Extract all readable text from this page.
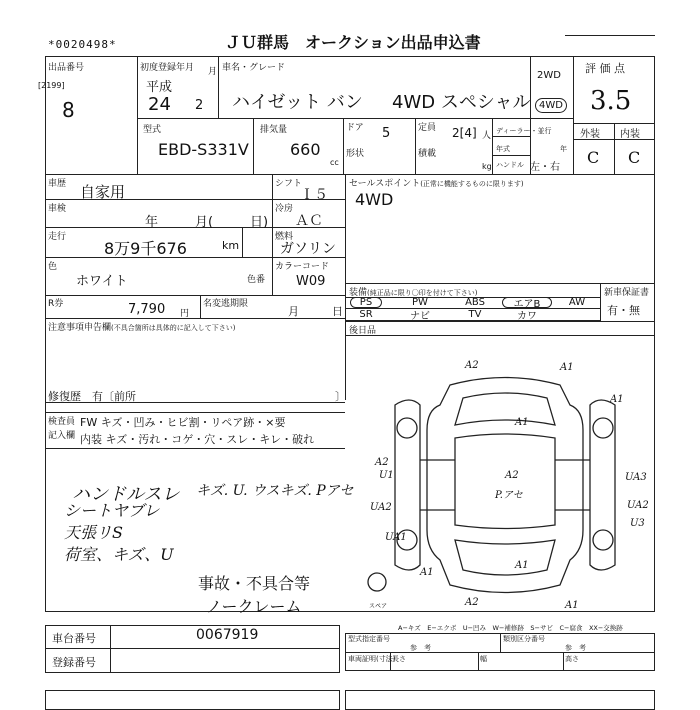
*0020498*	ＪＵ群馬　オークション出品申込書
出品番号
[2199]
8
初度登録年月
平成
24 2
月 車名・グレード
ハイゼット バン 4WD スペシャル
2WD
4WD
評 価 点
3.5
外装 内装
C C
型式
EBD-S331V
排気量
660
cc
ドア 5
形状
定員 2[4] 人
積載
kg
ディーラー・並行
年式	年
ハンドル 左・右
車歴 自家用	シフト
Ｉ５
車検
年	月(	日)
冷房
ＡＣ
走行
8万9千676	km
燃料
ガソリン
色
ホワイト	色番
カラーコード
W09
R券	7,790 円
名変逃期限
月	日
セールスポイント(正常に機能するものに限ります)
4WD
注意事項申告欄(不具合箇所は具体的に記入して下さい)
修復歴　 有〔前所	〕
装備(純正品に限り〇印を付けて下さい)	新車保証書
有・無
PS	PW	ABS	エアB	AW
SR	ナビ	TV	カワ
後日品
検査員
記入欄
FW キズ・凹み・ヒビ割・リペア跡・×要
内装 キズ・汚れ・コゲ・穴・スレ・キレ・破れ
ハンドルスレ
シートヤブレ
天張リS
荷室、キズ、U
キズ. U. ウスキズ. Pアセ
事故・不具合等
ノークレーム
A2	A1
A1
A1
A2
U1	A2
P.アセ
UA2
UA3
UA2
U3
UA1
A1
A1
A2	A1
スペア
A−キズ　E−エクボ　U−凹み　W−補修跡　S−サビ　C−腐食　XX−交換跡
車台番号	0067919
登録番号
型式指定番号
参　考
類別区分番号
参　考
車両証明(寸法)
長さ	幅	高さ
